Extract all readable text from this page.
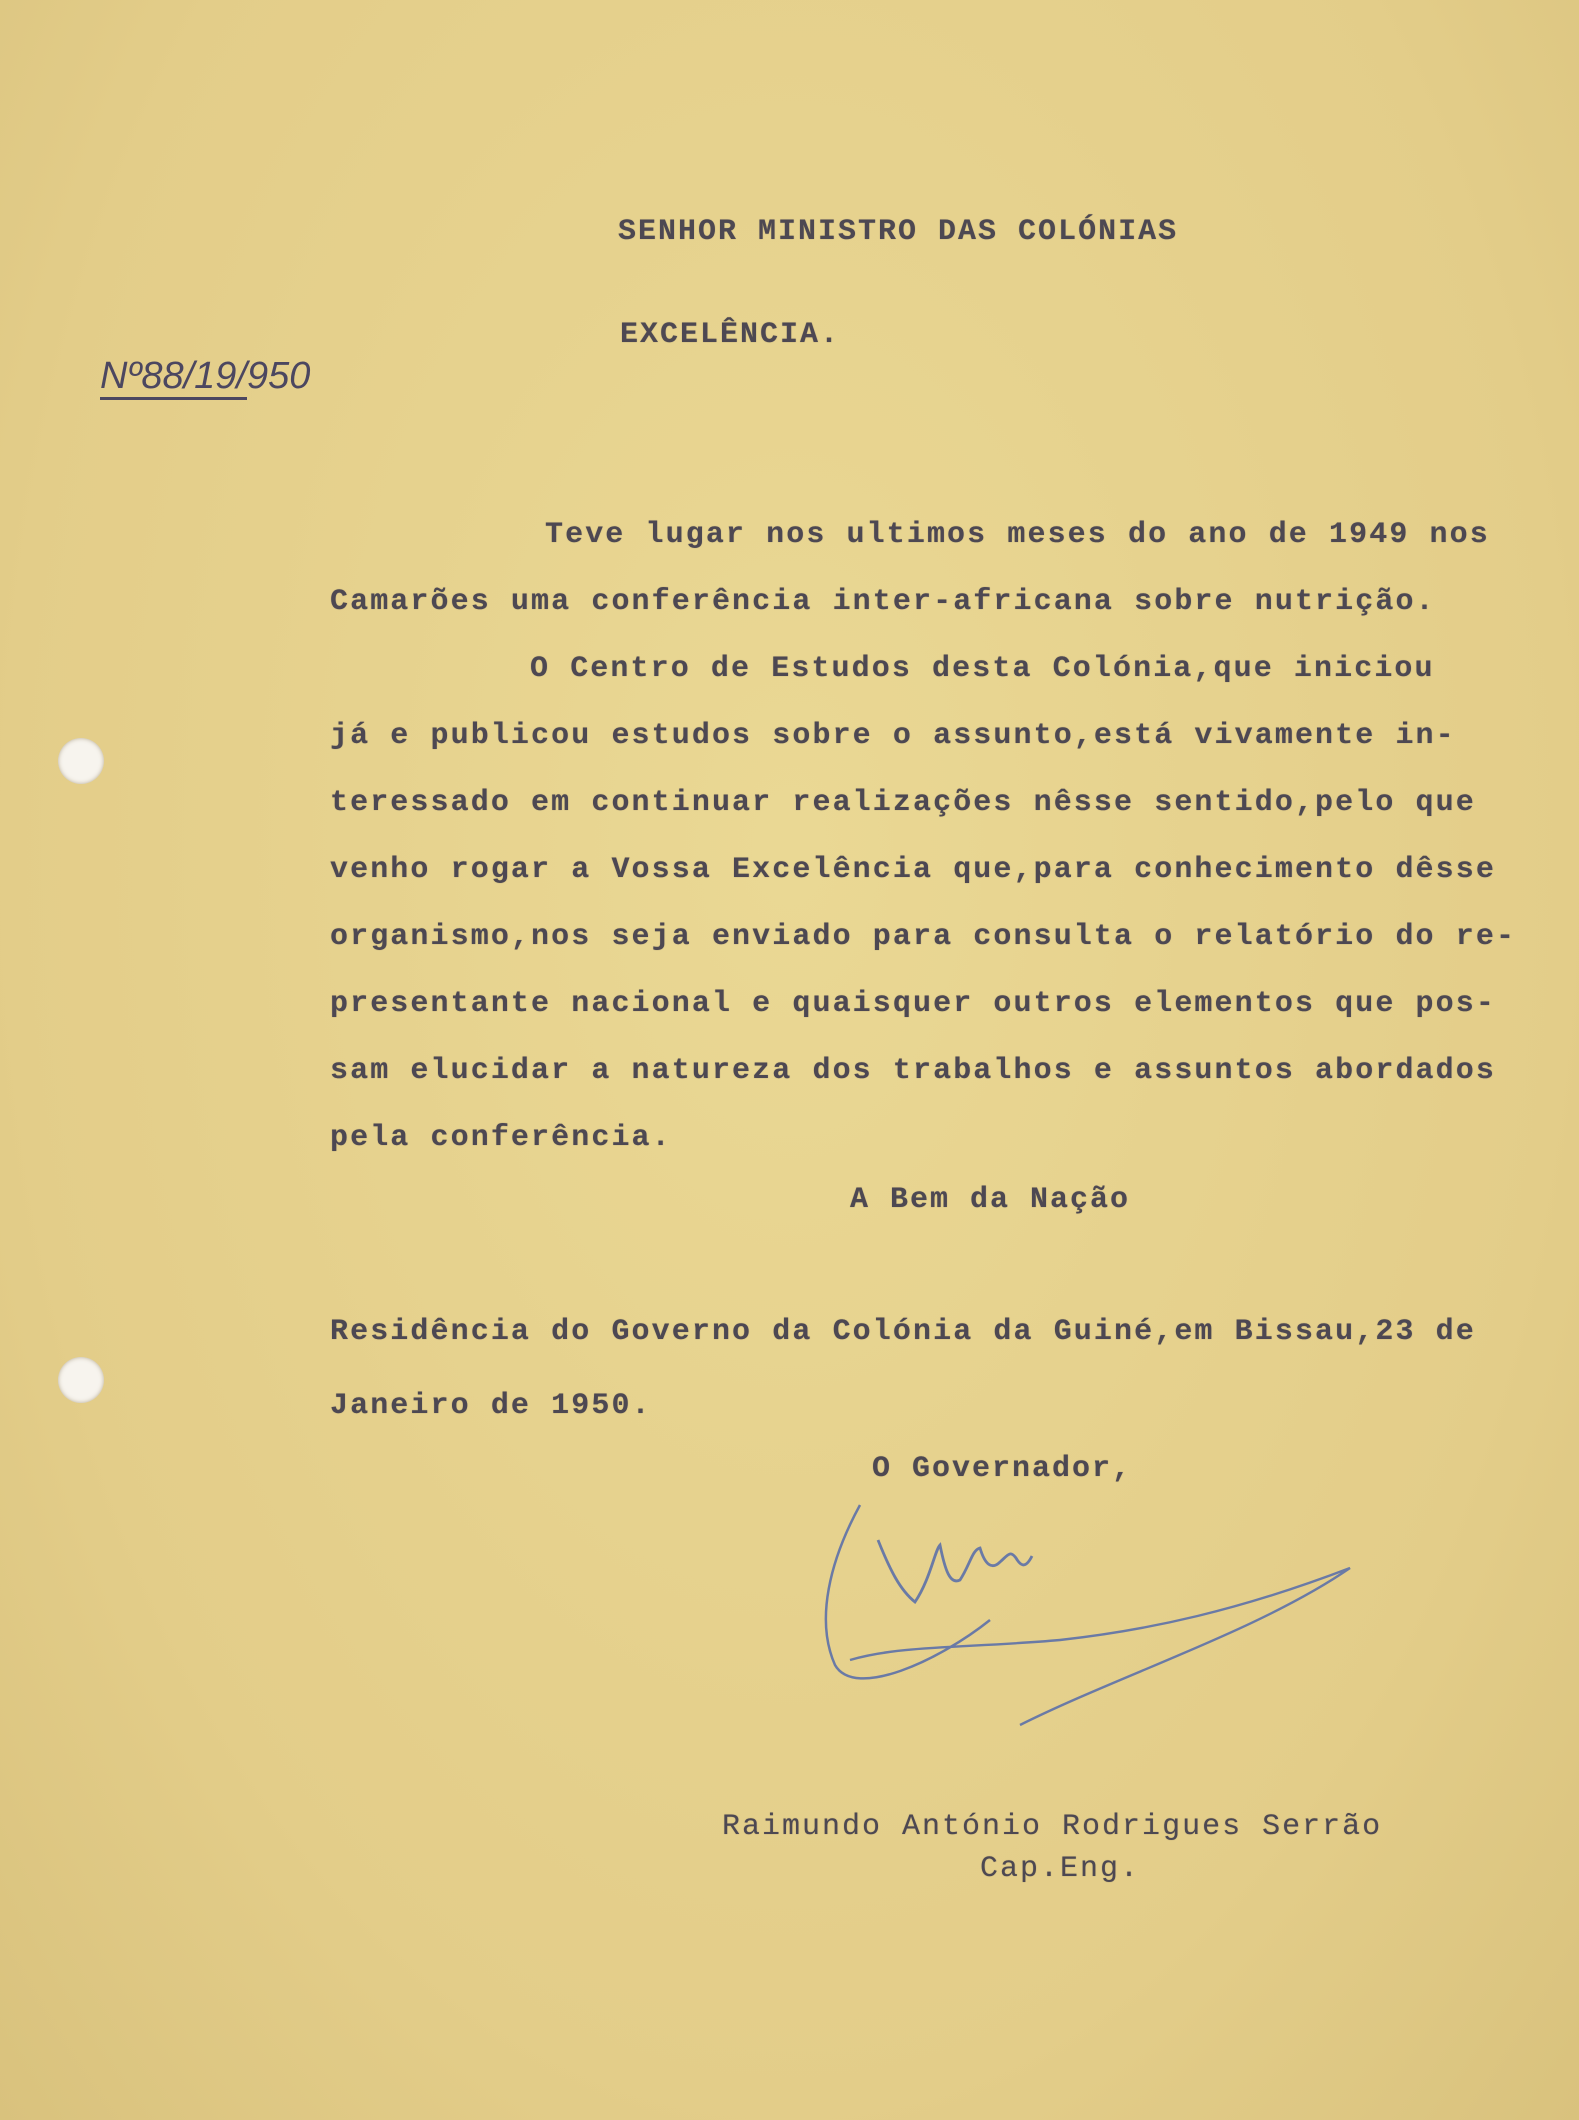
SENHOR MINISTRO DAS COLÓNIAS
EXCELÊNCIA.
Nº88/19/950
Teve lugar nos ultimos meses do ano de 1949 nos
Camarões uma conferência inter-africana sobre nutrição.
O Centro de Estudos desta Colónia,que iniciou
já e publicou estudos sobre o assunto,está vivamente in-
teressado em continuar realizações nêsse sentido,pelo que
venho rogar a Vossa Excelência que,para conhecimento dêsse
organismo,nos seja enviado para consulta o relatório do re-
presentante nacional e quaisquer outros elementos que pos-
sam elucidar a natureza dos trabalhos e assuntos abordados
pela conferência.
A Bem da Nação
Residência do Governo da Colónia da Guiné,em Bissau,23 de
Janeiro de 1950.
O Governador,
Raimundo António Rodrigues Serrão
Cap.Eng.
